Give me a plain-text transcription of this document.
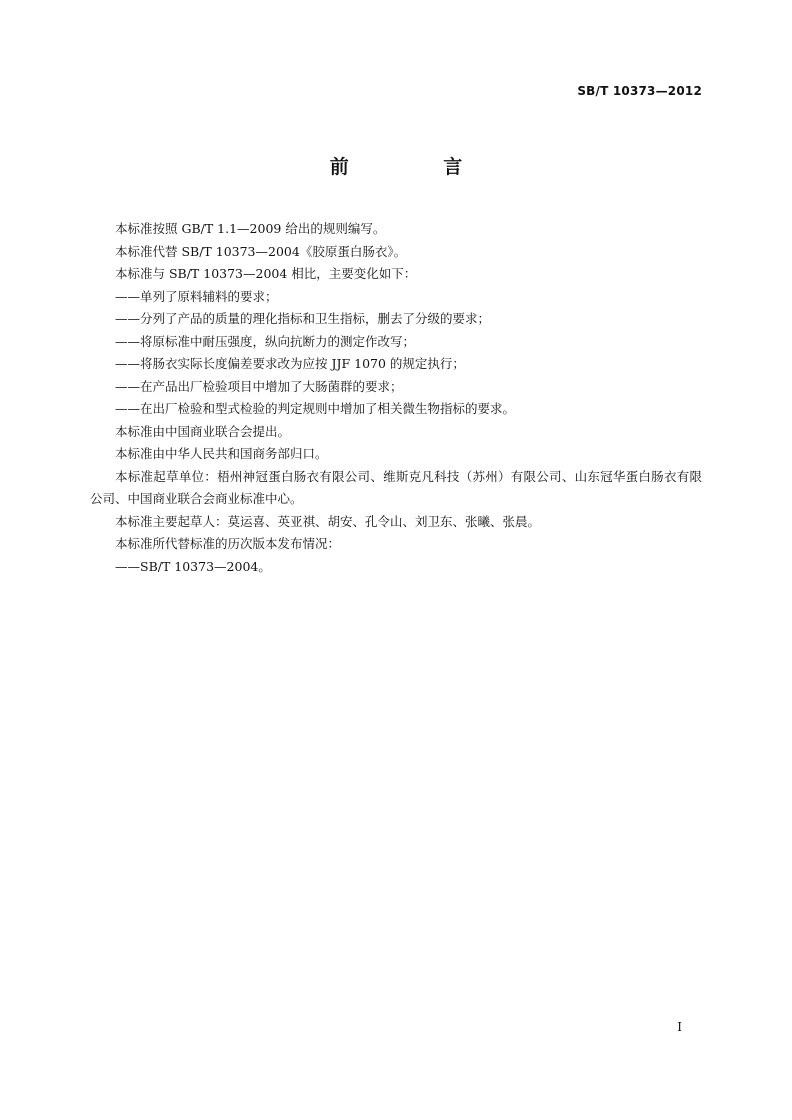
SB/T 10373—2012
前 言

本标准按照 GB/T 1.1—2009 给出的规则编写。

本标准代替 SB/T 10373—2004《胶原蛋白肠衣》。

本标准与 SB/T 10373—2004 相比，主要变化如下：

——单列了原料辅料的要求；

——分列了产品的质量的理化指标和卫生指标，删去了分级的要求；

——将原标准中耐压强度，纵向抗断力的测定作改写；

——将肠衣实际长度偏差要求改为应按 JJF 1070 的规定执行；

——在产品出厂检验项目中增加了大肠菌群的要求；

——在出厂检验和型式检验的判定规则中增加了相关微生物指标的要求。

本标准由中国商业联合会提出。

本标准由中华人民共和国商务部归口。

本标准起草单位：梧州神冠蛋白肠衣有限公司、维斯克凡科技（苏州）有限公司、山东冠华蛋白肠衣有限公司、中国商业联合会商业标准中心。

本标准主要起草人：莫运喜、英亚祺、胡安、孔令山、刘卫东、张曦、张晨。

本标准所代替标准的历次版本发布情况：

——SB/T 10373—2004。

I
